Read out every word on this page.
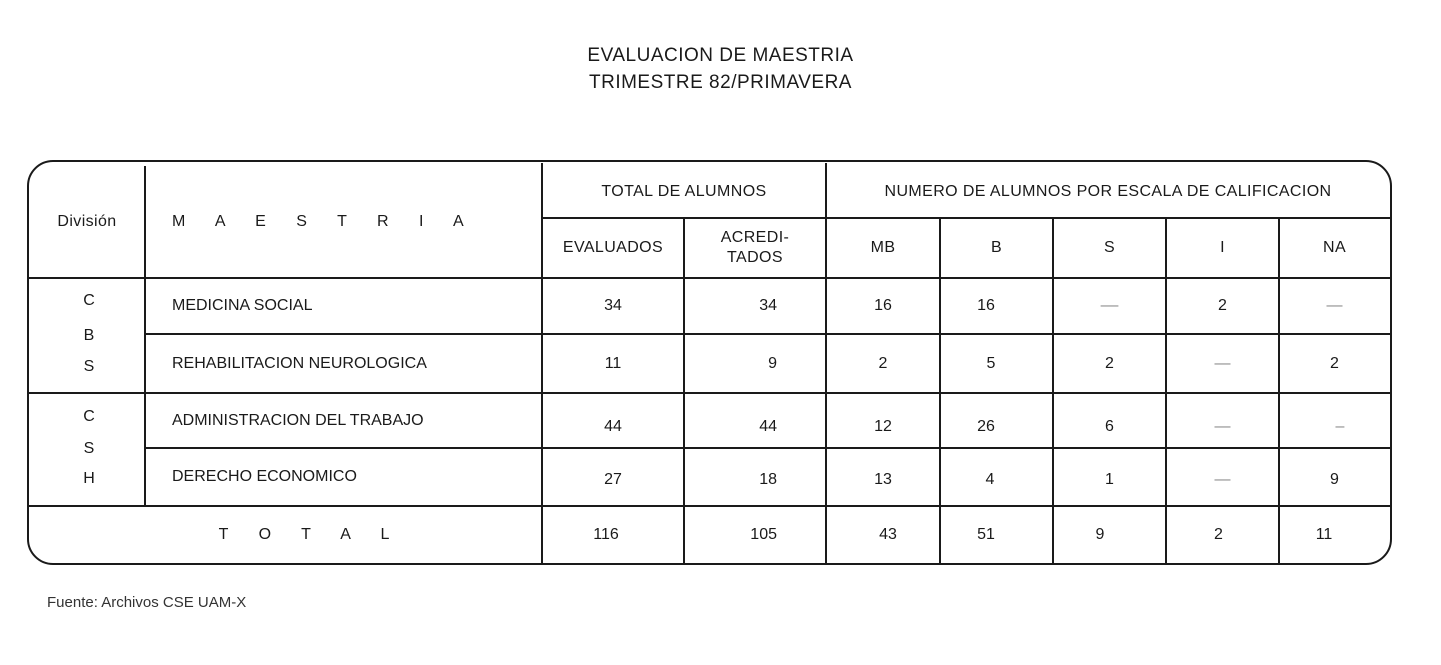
EVALUACION DE MAESTRIA
TRIMESTRE 82/PRIMAVERA
División	M A E S T R I A
TOTAL DE ALUMNOS	NUMERO DE ALUMNOS POR ESCALA DE CALIFICACION
EVALUADOS
ACREDI-
TADOS
MB	B	S	I	NA
C
B
S
C
S
H
MEDICINA SOCIAL	34	34	16	16	––	2	—
REHABILITACION NEUROLOGICA	11	9	2	5	2	—	2
ADMINISTRACION DEL TRABAJO	44	44	12	26	6	—	–
DERECHO ECONOMICO	27	18	13	4	1	—	9
T O T A L	116	105	43	51	9	2	11
Fuente: Archivos CSE UAM-X
